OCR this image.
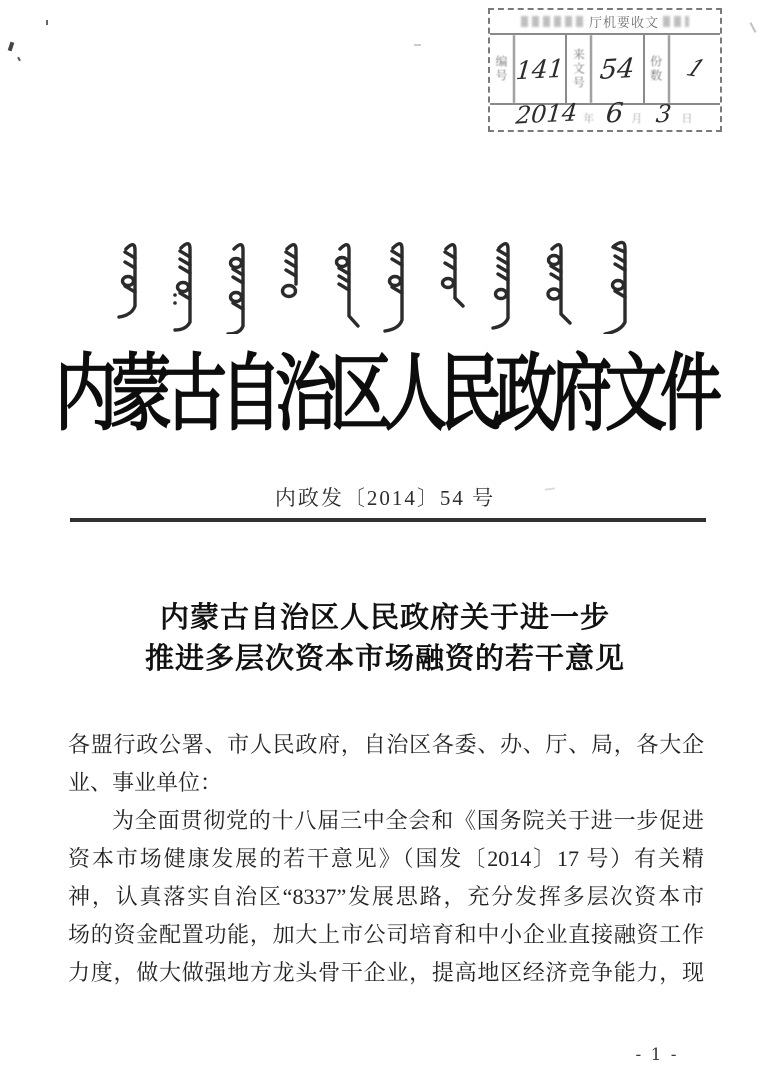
厅机要收文
编号 141 来文号 54	份数 1
2014 年 6 月 3 日
内蒙古自治区人民政府文件
内政发〔2014〕54 号
内蒙古自治区人民政府关于进一步
推进多层次资本市场融资的若干意见
各盟行政公署、市人民政府，自治区各委、办、厅、局，各大企
业、事业单位：
为全面贯彻党的十八届三中全会和《国务院关于进一步促进
资本市场健康发展的若干意见》（国发〔2014〕17 号）有关精
神，认真落实自治区“8337”发展思路，充分发挥多层次资本市
场的资金配置功能，加大上市公司培育和中小企业直接融资工作
力度，做大做强地方龙头骨干企业，提高地区经济竞争能力，现
- 1 -
